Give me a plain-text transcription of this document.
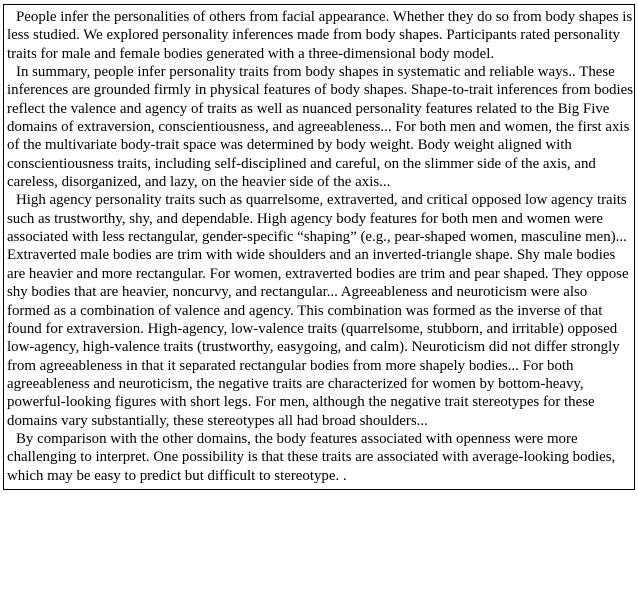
People infer the personalities of others from facial appearance. Whether they do so from body shapes is less studied. We explored personality inferences made from body shapes. Participants rated personality traits for male and female bodies generated with a three-dimensional body model.

In summary, people infer personality traits from body shapes in systematic and reliable ways.. These inferences are grounded firmly in physical features of body shapes. Shape-to-trait inferences from bodies reflect the valence and agency of traits as well as nuanced personality features related to the Big Five domains of extraversion, conscientiousness, and agreeableness... For both men and women, the first axis of the multivariate body-trait space was determined by body weight. Body weight aligned with conscientiousness traits, including self-disciplined and careful, on the slimmer side of the axis, and careless, disorganized, and lazy, on the heavier side of the axis...

High agency personality traits such as quarrelsome, extraverted, and critical opposed low agency traits such as trustworthy, shy, and dependable. High agency body features for both men and women were associated with less rectangular, gender-specific “shaping” (e.g., pear-shaped women, masculine men)... Extraverted male bodies are trim with wide shoulders and an inverted-triangle shape. Shy male bodies are heavier and more rectangular. For women, extraverted bodies are trim and pear shaped. They oppose shy bodies that are heavier, noncurvy, and rectangular... Agreeableness and neuroticism were also formed as a combination of valence and agency. This combination was formed as the inverse of that found for extraversion. High-agency, low-valence traits (quarrelsome, stubborn, and irritable) opposed low-agency, high-valence traits (trustworthy, easygoing, and calm). Neuroticism did not differ strongly from agreeableness in that it separated rectangular bodies from more shapely bodies... For both agreeableness and neuroticism, the negative traits are characterized for women by bottom-heavy, powerful-looking figures with short legs. For men, although the negative trait stereotypes for these domains vary substantially, these stereotypes all had broad shoulders...

By comparison with the other domains, the body features associated with openness were more challenging to interpret. One possibility is that these traits are associated with average-looking bodies, which may be easy to predict but difficult to stereotype. .
